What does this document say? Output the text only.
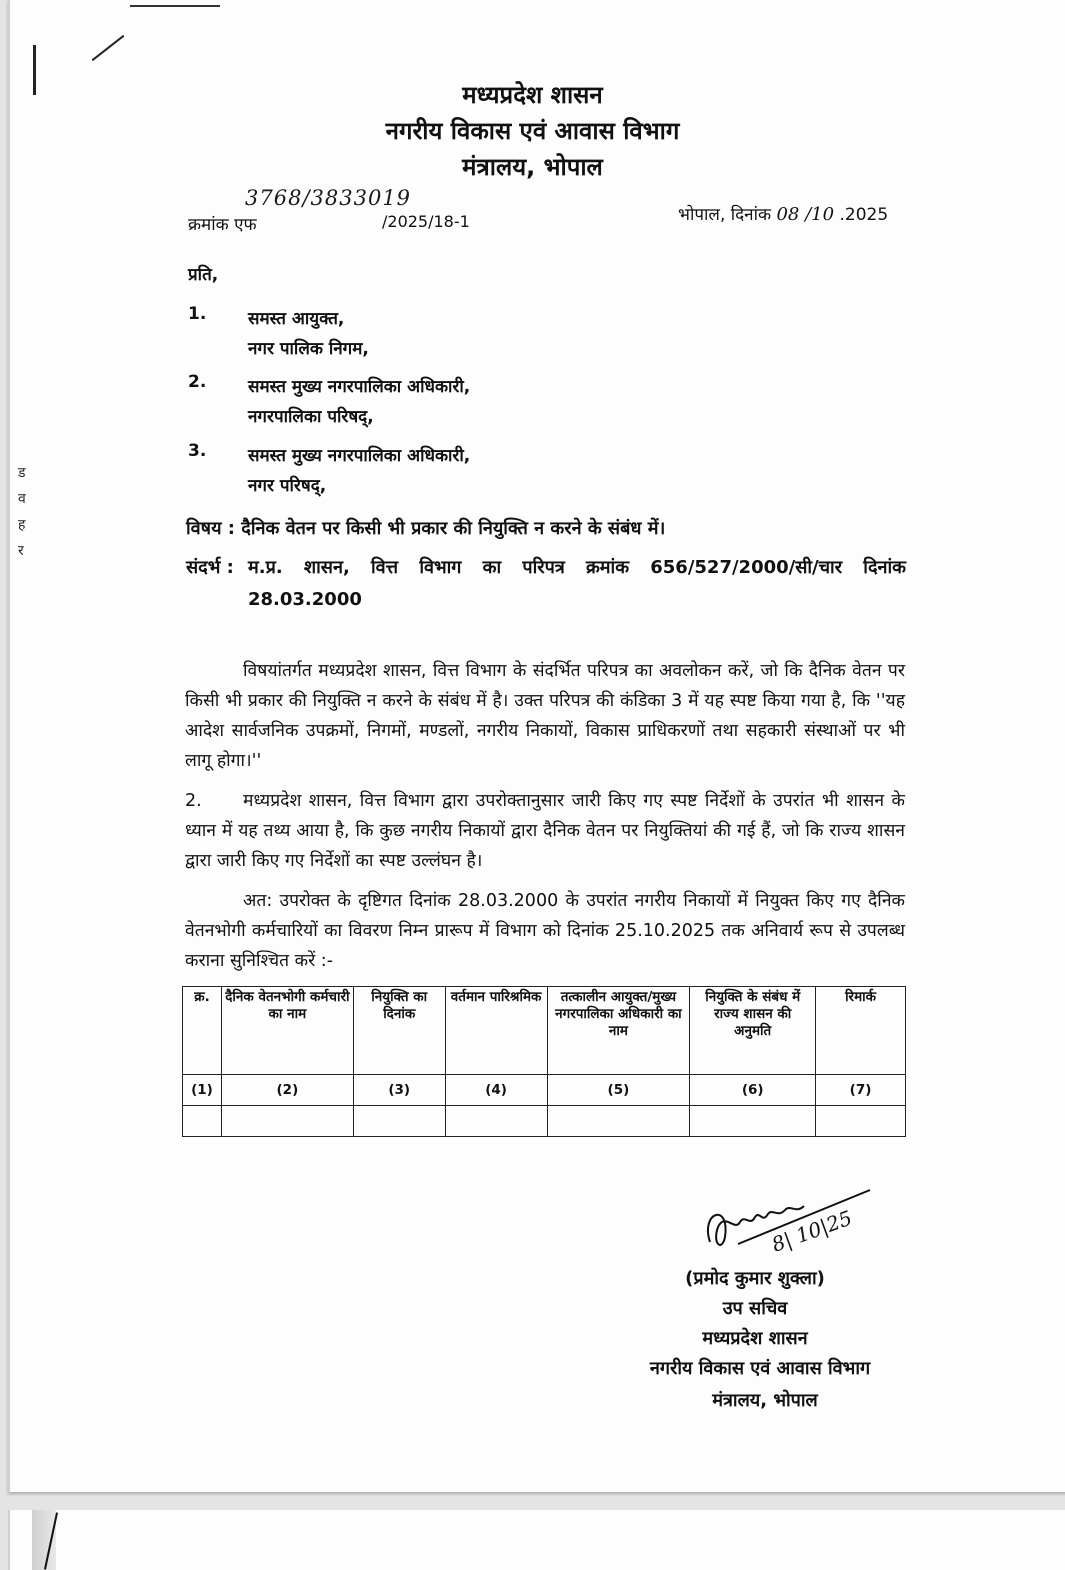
ड
व
ह
र
मध्यप्रदेश शासन
नगरीय विकास एवं आवास विभाग
मंत्रालय, भोपाल
3768/3833019
क्रमांक एफ	/2025/18-1	भोपाल, दिनांक 08 /10 .2025
प्रति,
1.	समस्त आयुक्त,
नगर पालिक निगम,
2.	समस्त मुख्य नगरपालिका अधिकारी,
नगरपालिका परिषद्,
3.	समस्त मुख्य नगरपालिका अधिकारी,
नगर परिषद्,
विषय : दैनिक वेतन पर किसी भी प्रकार की नियुक्ति न करने के संबंध में।
संदर्भ : म.प्र. शासन, वित्त विभाग का परिपत्र क्रमांक 656/527/2000/सी/चार दिनांक
28.03.2000
विषयांतर्गत मध्यप्रदेश शासन, वित्त विभाग के संदर्भित परिपत्र का अवलोकन करें, जो कि दैनिक वेतन पर किसी भी प्रकार की नियुक्ति न करने के संबंध में है। उक्त परिपत्र की कंडिका 3 में यह स्पष्ट किया गया है, कि ''यह आदेश सार्वजनिक उपक्रमों, निगमों, मण्डलों, नगरीय निकायों, विकास प्राधिकरणों तथा सहकारी संस्थाओं पर भी लागू होगा।''
2. मध्यप्रदेश शासन, वित्त विभाग द्वारा उपरोक्तानुसार जारी किए गए स्पष्ट निर्देशों के उपरांत भी शासन के ध्यान में यह तथ्य आया है, कि कुछ नगरीय निकायों द्वारा दैनिक वेतन पर नियुक्तियां की गई हैं, जो कि राज्य शासन द्वारा जारी किए गए निर्देशों का स्पष्ट उल्लंघन है।
अत: उपरोक्त के दृष्टिगत दिनांक 28.03.2000 के उपरांत नगरीय निकायों में नियुक्त किए गए दैनिक वेतनभोगी कर्मचारियों का विवरण निम्न प्रारूप में विभाग को दिनांक 25.10.2025 तक अनिवार्य रूप से उपलब्ध कराना सुनिश्चित करें :-
क्र.	दैनिक वेतनभोगी कर्मचारी का नाम	नियुक्ति का दिनांक	वर्तमान पारिश्रमिक	तत्कालीन आयुक्त/मुख्य नगरपालिका अधिकारी का नाम	नियुक्ति के संबंध में राज्य शासन की अनुमति	रिमार्क
(1)	(2)	(3)	(4)	(5)	(6)	(7)

8| 10|25
(प्रमोद कुमार शुक्ला)
उप सचिव
मध्यप्रदेश शासन
नगरीय विकास एवं आवास विभाग
मंत्रालय, भोपाल
